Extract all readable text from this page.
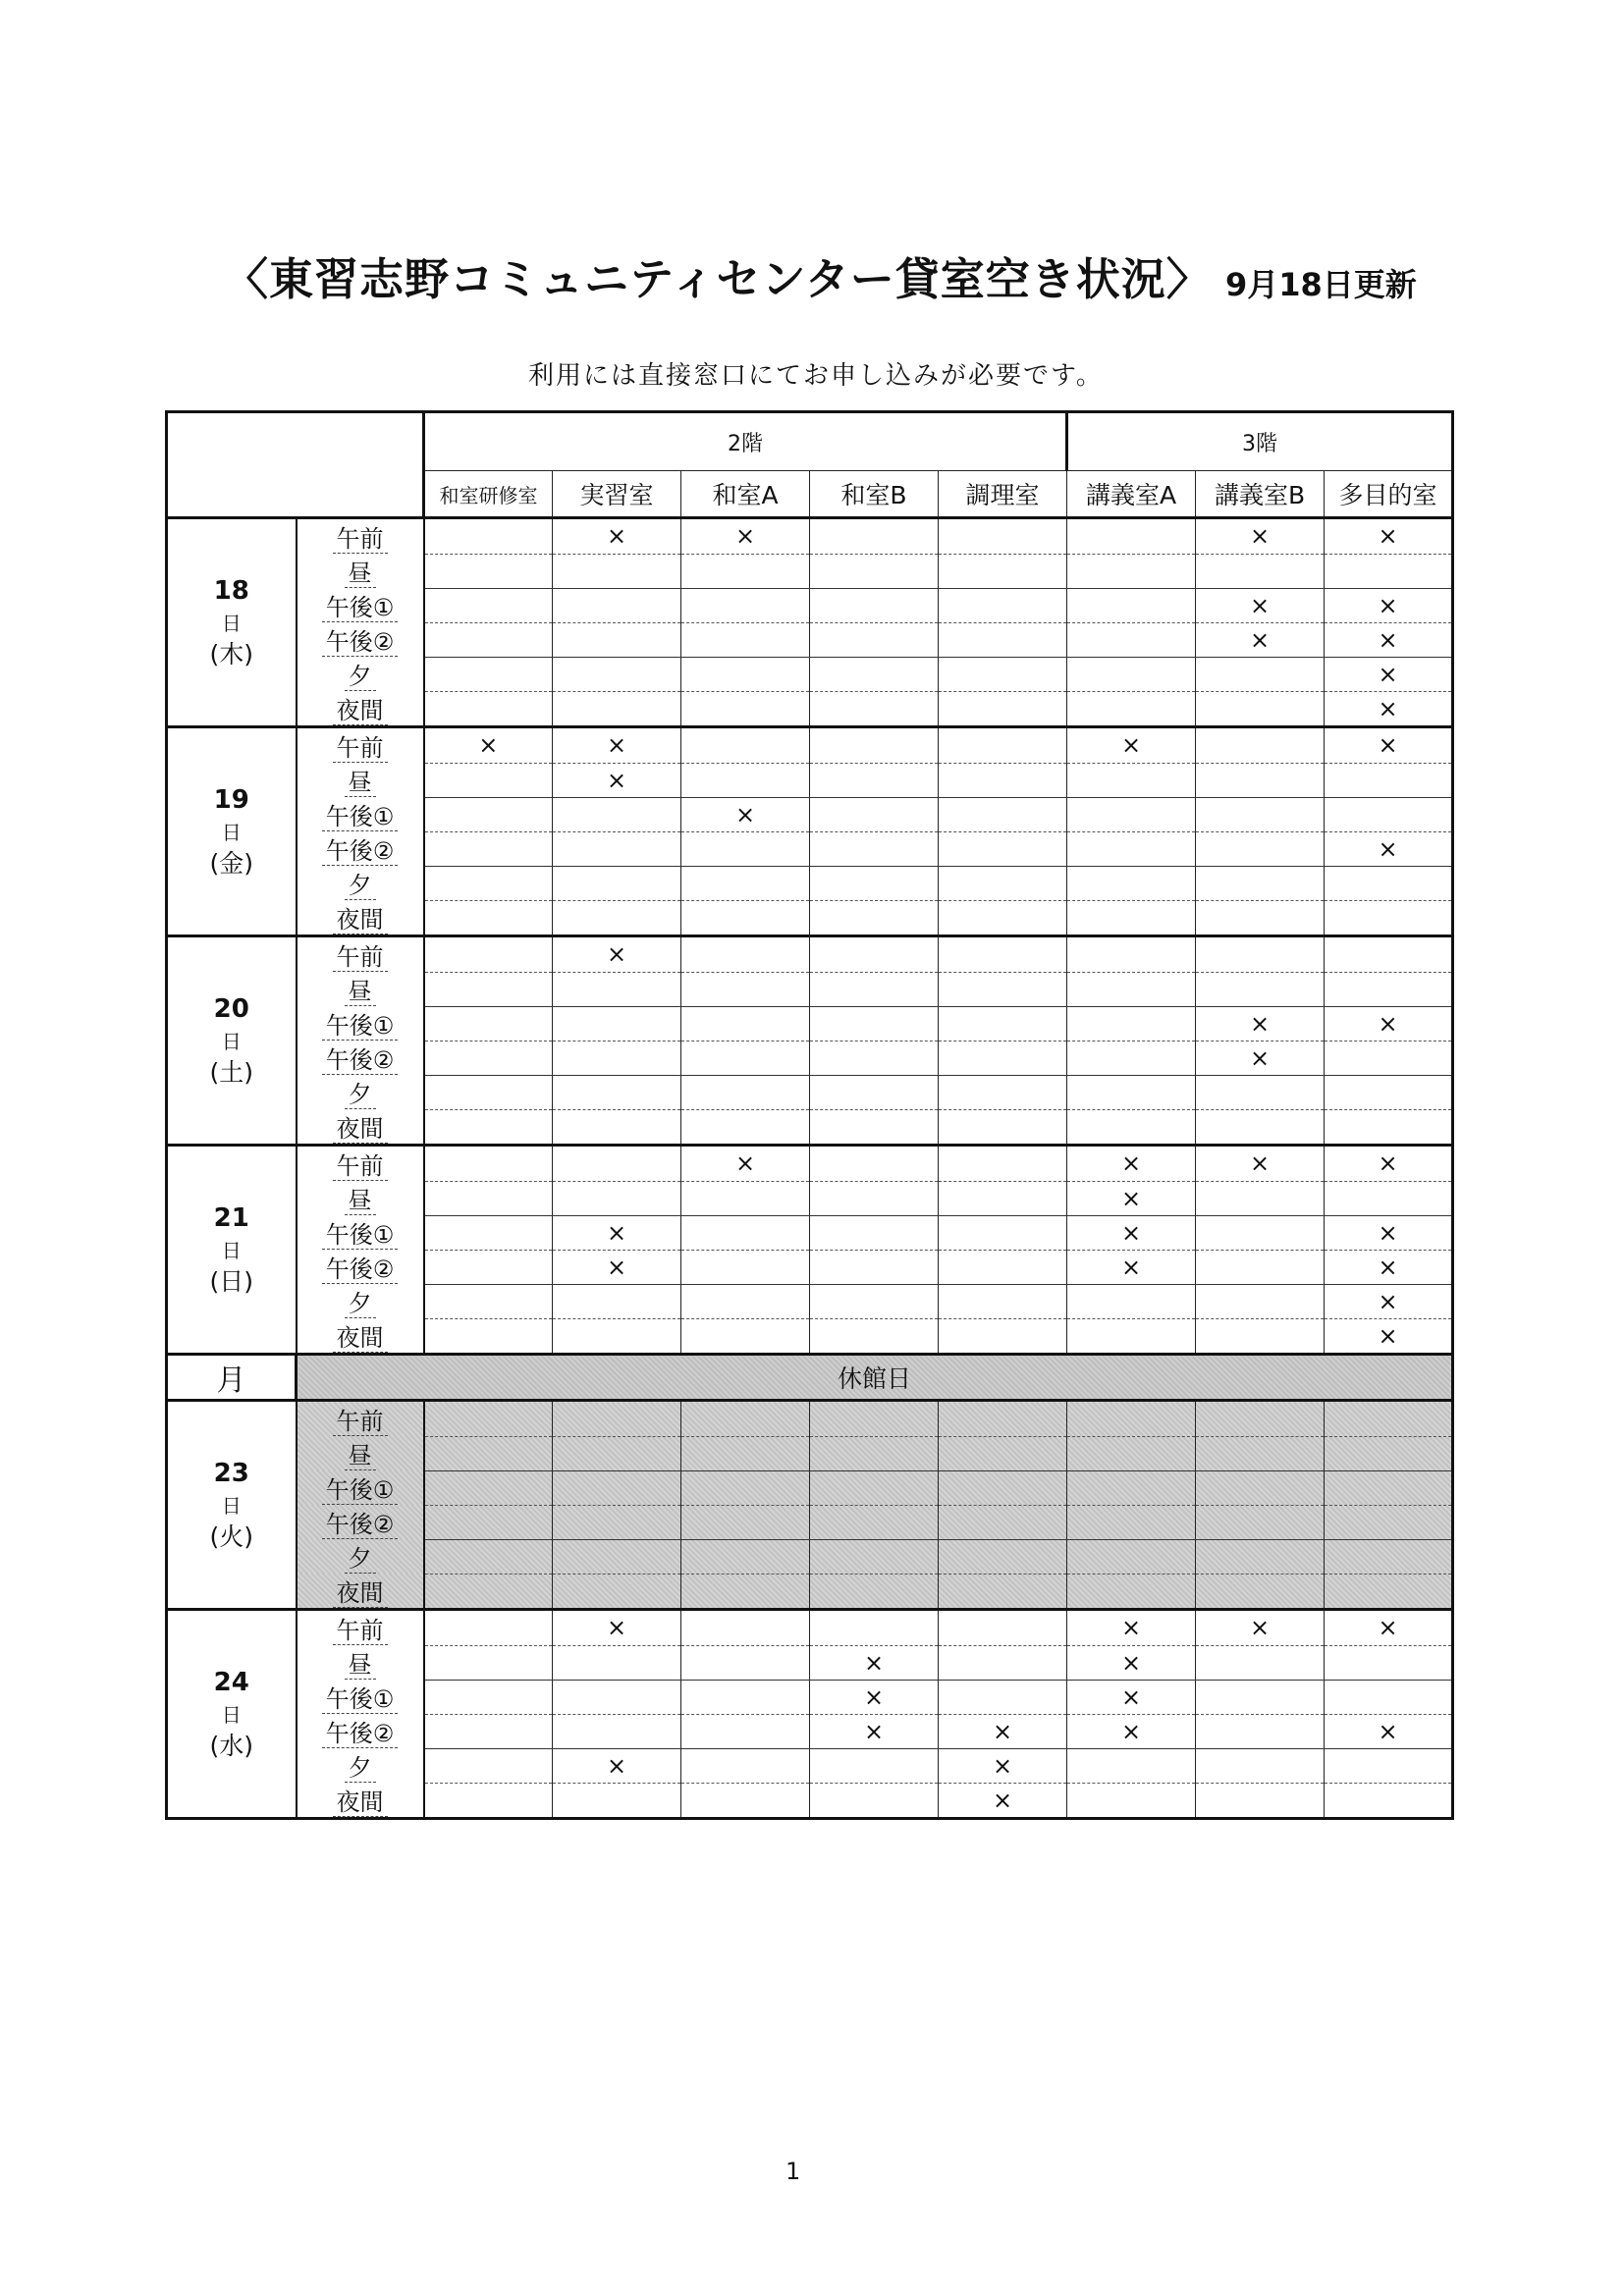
〈東習志野コミュニティセンター貸室空き状況〉 9月18日更新
利用には直接窓口にてお申し込みが必要です。
		2階					3階		
		和室研修室	実習室	和室A	和室B	調理室	講義室A	講義室B	多目的室

18
日
(木)	午前		×	×				×	×
	昼								
	午後①							×	×
	午後②							×	×
	夕								×
	夜間								×

19
日
(金)	午前	×	×				×		×
	昼		×						
	午後①			×					
	午後②								×
	夕								
	夜間								

20
日
(土)	午前		×						
	昼								
	午後①							×	×
	午後②							×	
	夕								
	夜間								

21
日
(日)	午前			×			×	×	×
	昼						×		
	午後①		×				×		×
	午後②		×				×		×
	夕								×
	夜間								×
月	休館日								

23
日
(火)	午前								
	昼								
	午後①								
	午後②								
	夕								
	夜間								

24
日
(水)	午前		×				×	×	×
	昼				×		×		
	午後①				×		×		
	午後②				×	×	×		×
	夕		×			×			
	夜間					×			
1
